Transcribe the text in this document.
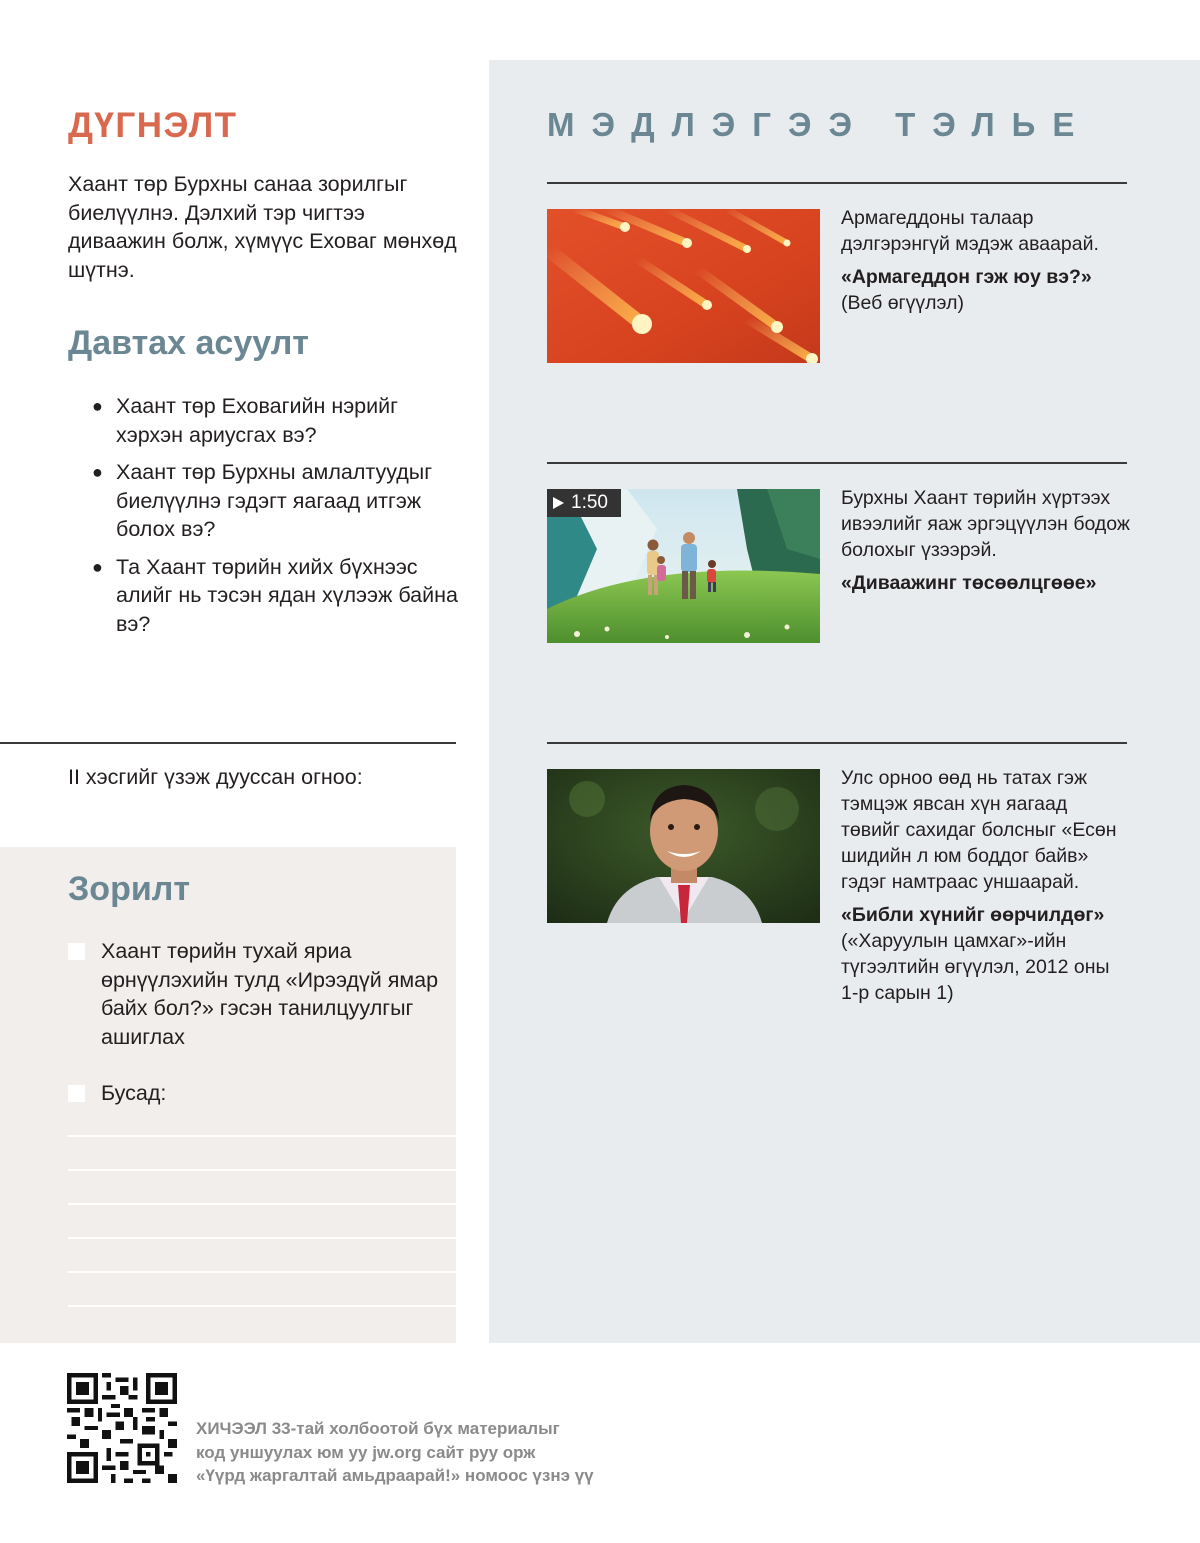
ДҮГНЭЛТ

Хаант төр Бурхны санаа зорилгыг биелүүлнэ. Дэлхий тэр чигтээ диваажин болж, хүмүүс Еховаг мөнхөд шүтнэ.

Давтах асуулт
● Хаант төр Еховагийн нэрийг хэрхэн ариусгах вэ?
● Хаант төр Бурхны амлалтуудыг биелүүлнэ гэдэгт яагаад итгэж болох вэ?
● Та Хаант төрийн хийх бүхнээс алийг нь тэсэн ядан хүлээж байна вэ?

II хэсгийг үзэж дууссан огноо:

Зорилт
Хаант төрийн тухай яриа өрнүүлэхийн тулд «Ирээдүй ямар байх бол?» гэсэн танилцуулгыг ашиглах
Бусад:
МЭДЛЭГЭЭ ТЭЛЬЕ

Армагеддоны талаар дэлгэрэнгүй мэдэж аваарай.
«Армагеддон гэж юу вэ?»
(Веб өгүүлэл)

1:50	Бурхны Хаант төрийн хүртээх ивээлийг яаж эргэцүүлэн бодож болохыг үзээрэй.
«Диваажинг төсөөлцгөөе»

Улс орноо өөд нь татах гэж тэмцэж явсан хүн яагаад төвийг сахидаг болсныг «Есөн шидийн л юм боддог байв» гэдэг намтраас уншаарай.
«Библи хүнийг өөрчилдөг»
(«Харуулын цамхаг»-ийн түгээлтийн өгүүлэл, 2012 оны 1-р сарын 1)

ХИЧЭЭЛ 33-тай холбоотой бүх материалыг
код уншуулах юм уу jw.org сайт руу орж
«Үүрд жаргалтай амьдраарай!» номоос үзнэ үү
